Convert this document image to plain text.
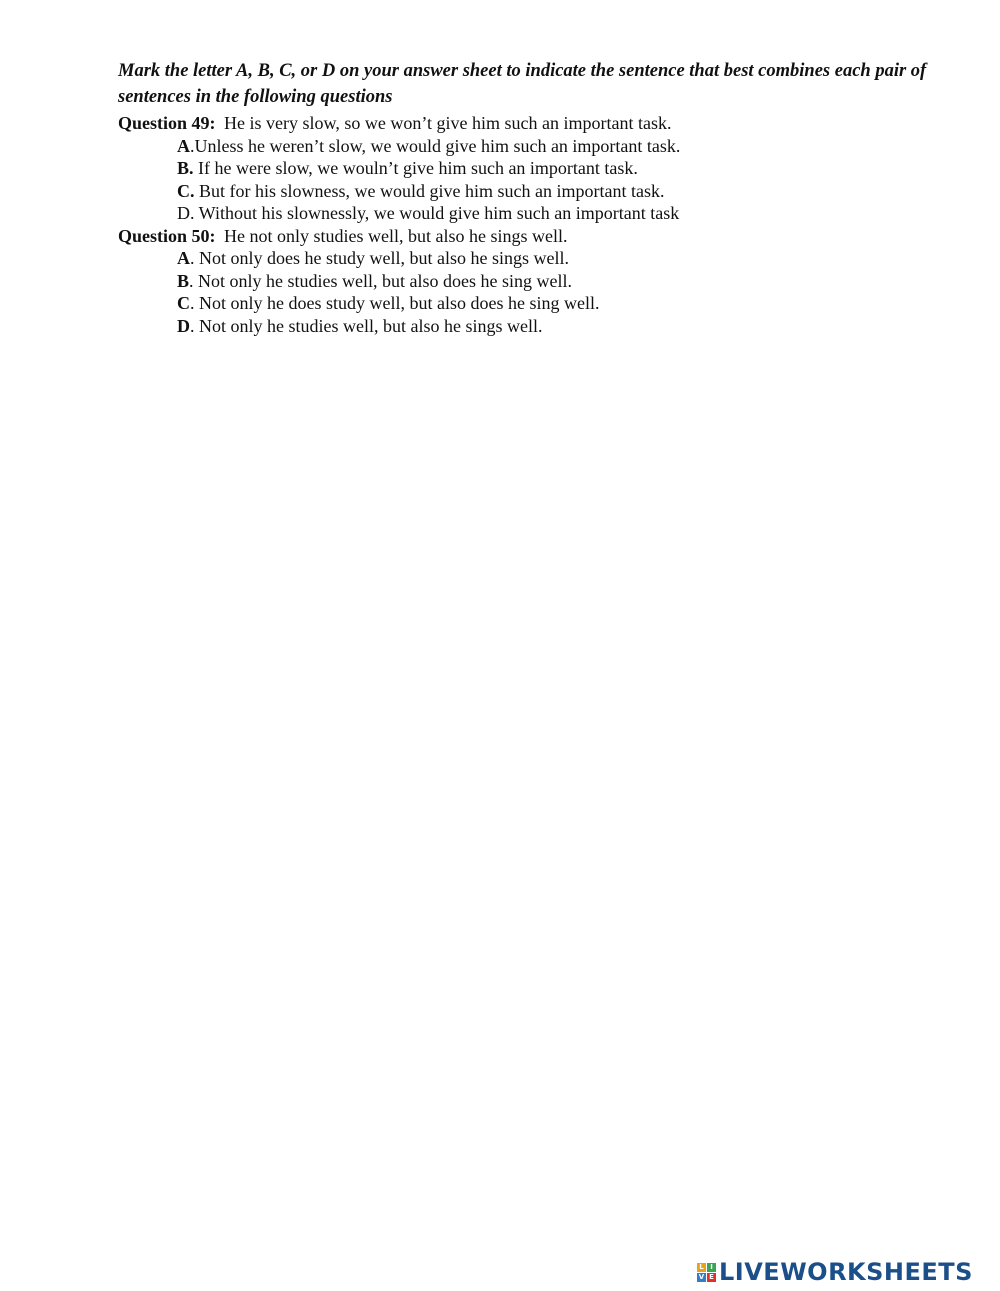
Mark the letter A, B, C, or D on your answer sheet to indicate the sentence that best combines each pair of sentences in the following questions

Question 49: He is very slow, so we won’t give him such an important task.

A.Unless he weren’t slow, we would give him such an important task.

B. If he were slow, we wouln’t give him such an important task.

C. But for his slowness, we would give him such an important task.

D. Without his slownessly, we would give him such an important task

Question 50: He not only studies well, but also he sings well.

A. Not only does he study well, but also he sings well.

B. Not only he studies well, but also does he sing well.

C. Not only he does study well, but also does he sing well.

D. Not only he studies well, but also he sings well.

L I
V E LIVEWORKSHEETS
